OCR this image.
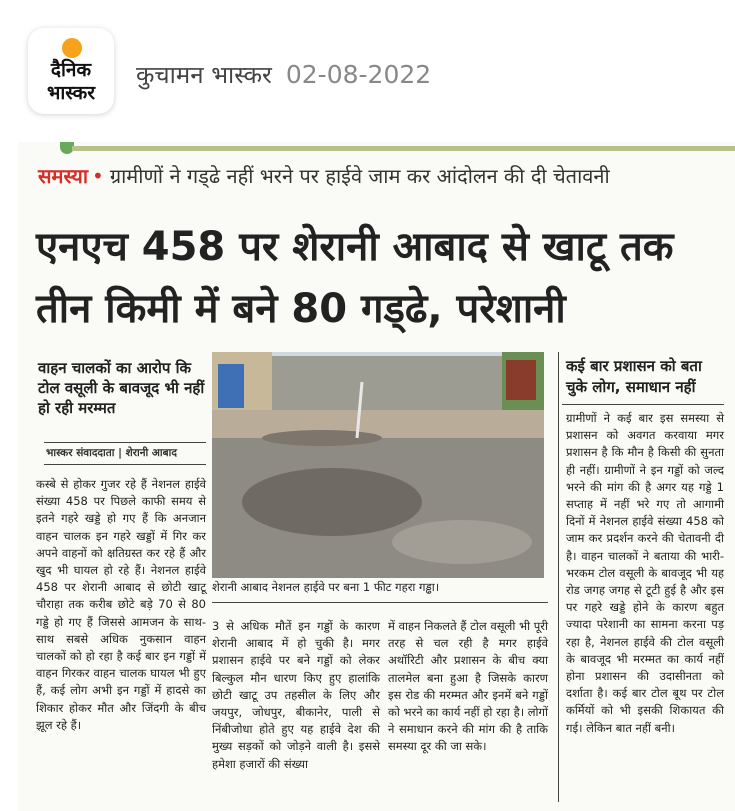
दैनिक
भास्कर
कुचामन भास्कर 02-08-2022
समस्या • ग्रामीणों ने गड्‌ढे नहीं भरने पर हाईवे जाम कर आंदोलन की दी चेतावनी
एनएच 458 पर शेरानी आबाद से खाटू तक तीन किमी में बने 80 गड्‌ढे, परेशानी
वाहन चालकों का आरोप कि टोल वसूली के बावजूद भी नहीं हो रही मरम्मत
भास्कर संवाददाता | शेरानी आबाद
कस्बे से होकर गुजर रहे हैं नेशनल हाईवे संख्या 458 पर पिछले काफी समय से इतने गहरे खड्डे हो गए हैं कि अनजान वाहन चालक इन गहरे खड्डों में गिर कर अपने वाहनों को क्षतिग्रस्त कर रहे हैं और खुद भी घायल हो रहे हैं। नेशनल हाईवे 458 पर शेरानी आबाद से छोटी खाटू चौराहा तक करीब छोटे बड़े 70 से 80 गड्डे हो गए हैं जिससे आमजन के साथ-साथ सबसे अधिक नुकसान वाहन चालकों को हो रहा है कई बार इन गड्डों में वाहन गिरकर वाहन चालक घायल भी हुए हैं, कई लोग अभी इन गड्डों में हादसे का शिकार होकर मौत और जिंदगी के बीच झूल रहे हैं।
शेरानी आबाद नेशनल हाईवे पर बना 1 फीट गहरा गड्ढा।
3 से अधिक मौतें इन गड्डों के कारण शेरानी आबाद में हो चुकी है। मगर प्रशासन हाईवे पर बने गड्डों को लेकर बिल्कुल मौन धारण किए हुए हालांकि छोटी खाटू उप तहसील के लिए और जयपुर, जोधपुर, बीकानेर, पाली से निंबीजोधा होते हुए यह हाईवे देश की मुख्य सड़कों को जोड़ने वाली है। इससे हमेशा हजारों की संख्या
में वाहन निकलते हैं टोल वसूली भी पूरी तरह से चल रही है मगर हाईवे अथॉरिटी और प्रशासन के बीच क्या तालमेल बना हुआ है जिसके कारण इस रोड की मरम्मत और इनमें बने गड्डों को भरने का कार्य नहीं हो रहा है। लोगों ने समाधान करने की मांग की है ताकि समस्या दूर की जा सके।
कई बार प्रशासन को बता चुके लोग, समाधान नहीं
ग्रामीणों ने कई बार इस समस्या से प्रशासन को अवगत करवाया मगर प्रशासन है कि मौन है किसी की सुनता ही नहीं। ग्रामीणों ने इन गड्डों को जल्द भरने की मांग की है अगर यह गड्डे 1 सप्ताह में नहीं भरे गए तो आगामी दिनों में नेशनल हाईवे संख्या 458 को जाम कर प्रदर्शन करने की चेतावनी दी है। वाहन चालकों ने बताया की भारी-भरकम टोल वसूली के बावजूद भी यह रोड जगह जगह से टूटी हुई है और इस पर गहरे खड्डे होने के कारण बहुत ज्यादा परेशानी का सामना करना पड़ रहा है, नेशनल हाईवे की टोल वसूली के बावजूद भी मरम्मत का कार्य नहीं होना प्रशासन की उदासीनता को दर्शाता है। कई बार टोल बूथ पर टोल कर्मियों को भी इसकी शिकायत की गई। लेकिन बात नहीं बनी।
